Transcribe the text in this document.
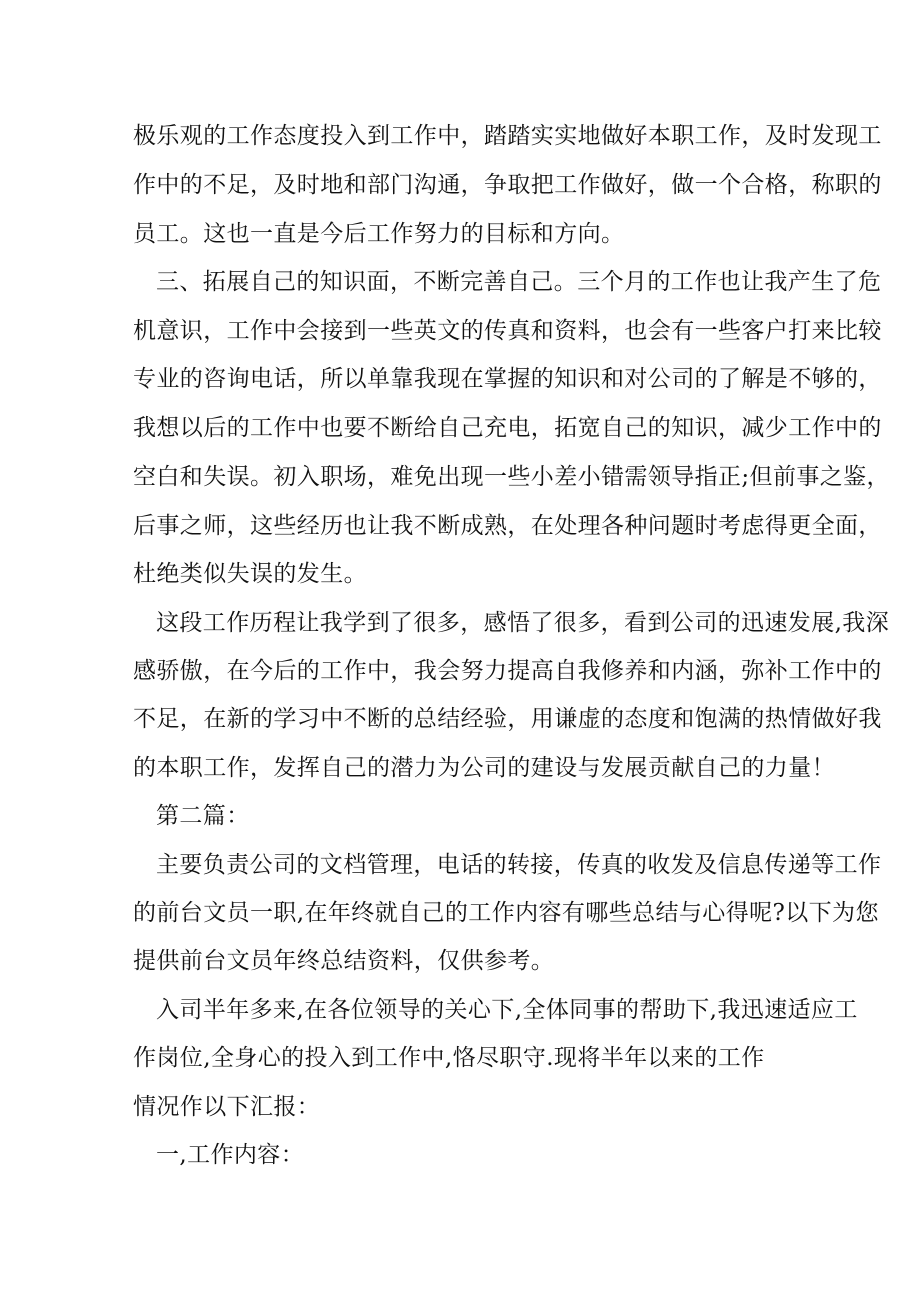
极乐观的工作态度投入到工作中，踏踏实实地做好本职工作，及时发现工
作中的不足，及时地和部门沟通，争取把工作做好，做一个合格，称职的
员工。这也一直是今后工作努力的目标和方向。
三、拓展自己的知识面，不断完善自己。三个月的工作也让我产生了危
机意识，工作中会接到一些英文的传真和资料，也会有一些客户打来比较
专业的咨询电话，所以单靠我现在掌握的知识和对公司的了解是不够的，
我想以后的工作中也要不断给自己充电，拓宽自己的知识，减少工作中的
空白和失误。初入职场，难免出现一些小差小错需领导指正;但前事之鉴，
后事之师，这些经历也让我不断成熟，在处理各种问题时考虑得更全面，
杜绝类似失误的发生。
这段工作历程让我学到了很多，感悟了很多，看到公司的迅速发展,我深
感骄傲，在今后的工作中，我会努力提高自我修养和内涵，弥补工作中的
不足，在新的学习中不断的总结经验，用谦虚的态度和饱满的热情做好我
的本职工作，发挥自己的潜力为公司的建设与发展贡献自己的力量！
第二篇：
主要负责公司的文档管理，电话的转接，传真的收发及信息传递等工作
的前台文员一职,在年终就自己的工作内容有哪些总结与心得呢?以下为您
提供前台文员年终总结资料，仅供参考。
入司半年多来,在各位领导的关心下,全体同事的帮助下,我迅速适应工
作岗位,全身心的投入到工作中,恪尽职守.现将半年以来的工作
情况作以下汇报：
一,工作内容：
